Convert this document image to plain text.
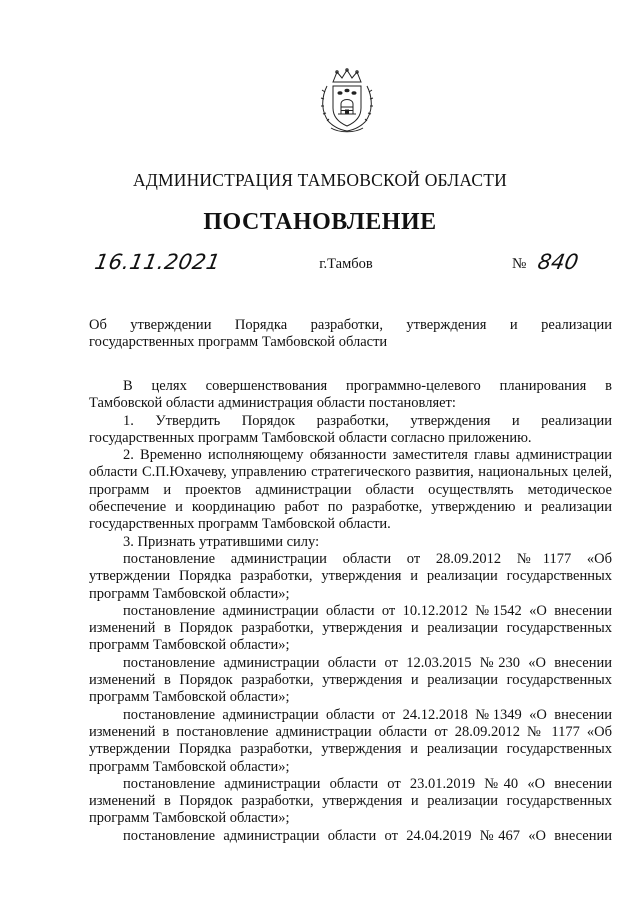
АДМИНИСТРАЦИЯ ТАМБОВСКОЙ ОБЛАСТИ
ПОСТАНОВЛЕНИЕ
16.11.2021	г.Тамбов	№ 840
Об утверждении Порядка разработки, утверждения и реализации
государственных программ Тамбовской области

В целях совершенствования программно-целевого планирования в Тамбовской области администрация области постановляет:

1. Утвердить Порядок разработки, утверждения и реализации государственных программ Тамбовской области согласно приложению.

2. Временно исполняющему обязанности заместителя главы администрации области С.П.Юхачеву, управлению стратегического развития, национальных целей, программ и проектов администрации области осуществлять методическое обеспечение и координацию работ по разработке, утверждению и реализации государственных программ Тамбовской области.

3. Признать утратившими силу:

постановление администрации области от 28.09.2012 №1177 «Об утверждении Порядка разработки, утверждения и реализации государственных программ Тамбовской области»;

постановление администрации области от 10.12.2012 №1542 «О внесении изменений в Порядок разработки, утверждения и реализации государственных программ Тамбовской области»;

постановление администрации области от 12.03.2015 №230 «О внесении изменений в Порядок разработки, утверждения и реализации государственных программ Тамбовской области»;

постановление администрации области от 24.12.2018 №1349 «О внесении изменений в постановление администрации области от 28.09.2012 № 1177 «Об утверждении Порядка разработки, утверждения и реализации государственных программ Тамбовской области»;

постановление администрации области от 23.01.2019 №40 «О внесении изменений в Порядок разработки, утверждения и реализации государственных программ Тамбовской области»;

постановление администрации области от 24.04.2019 №467 «О внесении
